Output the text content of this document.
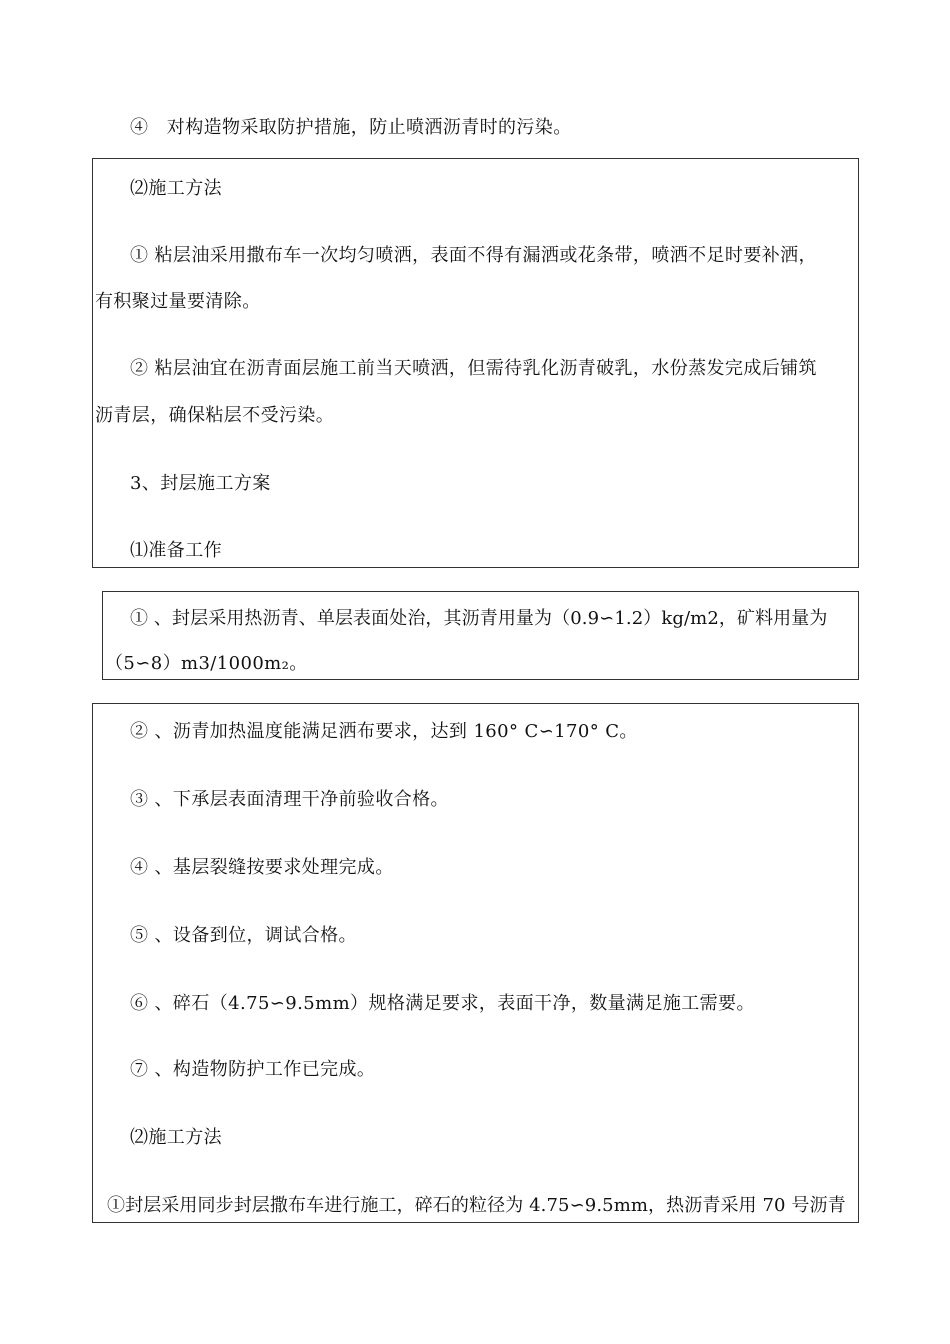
④　对构造物采取防护措施，防止喷洒沥青时的污染。
⑵施工方法
① 粘层油采用撒布车一次均匀喷洒，表面不得有漏洒或花条带，喷洒不足时要补洒，
有积聚过量要清除。
② 粘层油宜在沥青面层施工前当天喷洒，但需待乳化沥青破乳，水份蒸发完成后铺筑
沥青层，确保粘层不受污染。
3、封层施工方案
⑴准备工作
① 、封层采用热沥青、单层表面处治，其沥青用量为（0.9∽1.2）kg/m2，矿料用量为
（5∽8）m3/1000m₂。
② 、沥青加热温度能满足洒布要求，达到 160° C∽170° C。
③ 、下承层表面清理干净前验收合格。
④ 、基层裂缝按要求处理完成。
⑤ 、设备到位，调试合格。
⑥ 、碎石（4.75∽9.5mm）规格满足要求，表面干净，数量满足施工需要。
⑦ 、构造物防护工作已完成。
⑵施工方法
①封层采用同步封层撒布车进行施工，碎石的粒径为 4.75∽9.5mm，热沥青采用 70 号沥青
